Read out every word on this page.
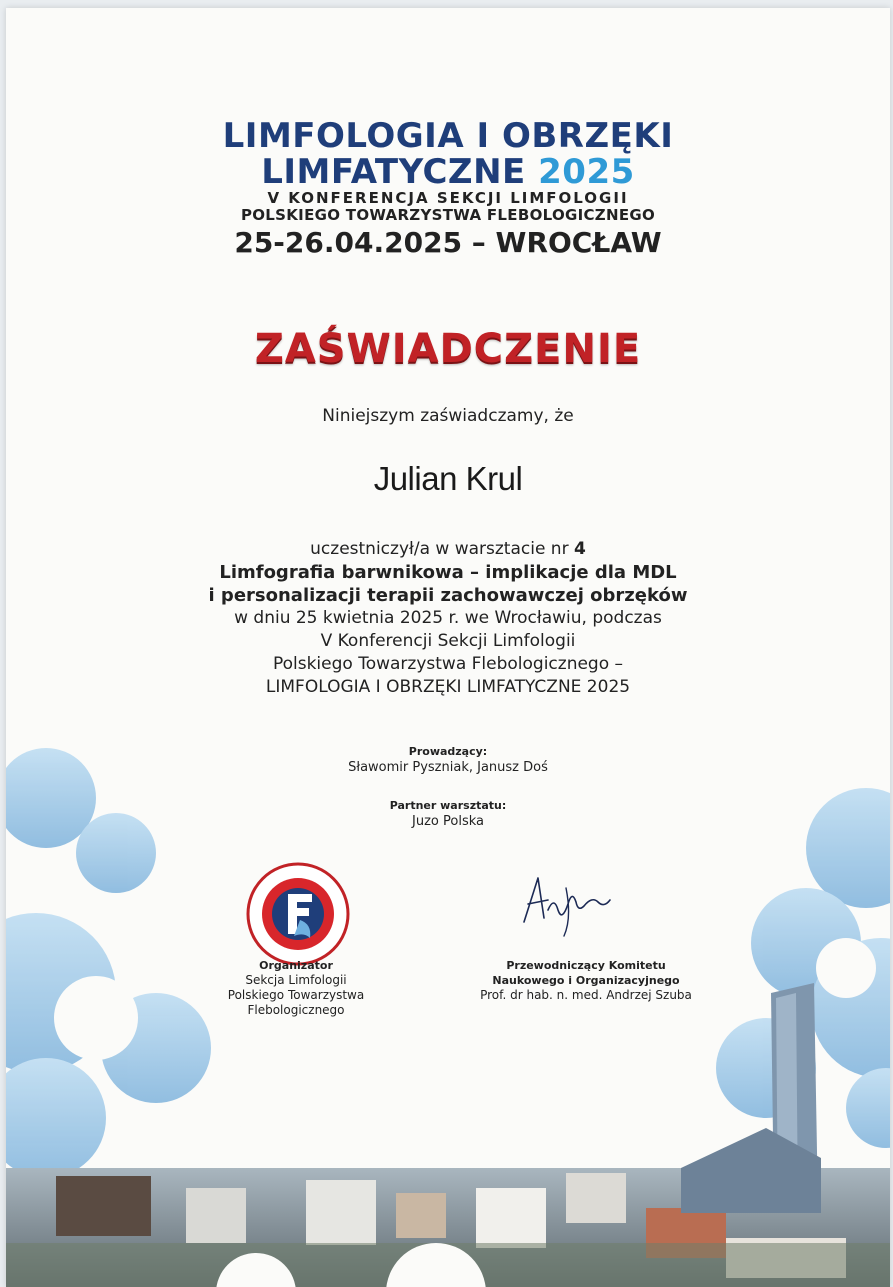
LIMFOLOGIA I OBRZĘKI
LIMFATYCZNE 2025
V KONFERENCJA SEKCJI LIMFOLOGII
POLSKIEGO TOWARZYSTWA FLEBOLOGICZNEGO
25-26.04.2025 – WROCŁAW
ZAŚWIADCZENIE
Niniejszym zaświadczamy, że
Julian Krul
uczestniczył/a w warsztacie nr 4
Limfografia barwnikowa – implikacje dla MDL
i personalizacji terapii zachowawczej obrzęków
w dniu 25 kwietnia 2025 r. we Wrocławiu, podczas
V Konferencji Sekcji Limfologii
Polskiego Towarzystwa Flebologicznego –
LIMFOLOGIA I OBRZĘKI LIMFATYCZNE 2025
Prowadzący:
Sławomir Pyszniak, Janusz Doś
Partner warsztatu:
Juzo Polska
Organizator
Sekcja Limfologii
Polskiego Towarzystwa
Flebologicznego
Przewodniczący Komitetu
Naukowego i Organizacyjnego
Prof. dr hab. n. med. Andrzej Szuba
